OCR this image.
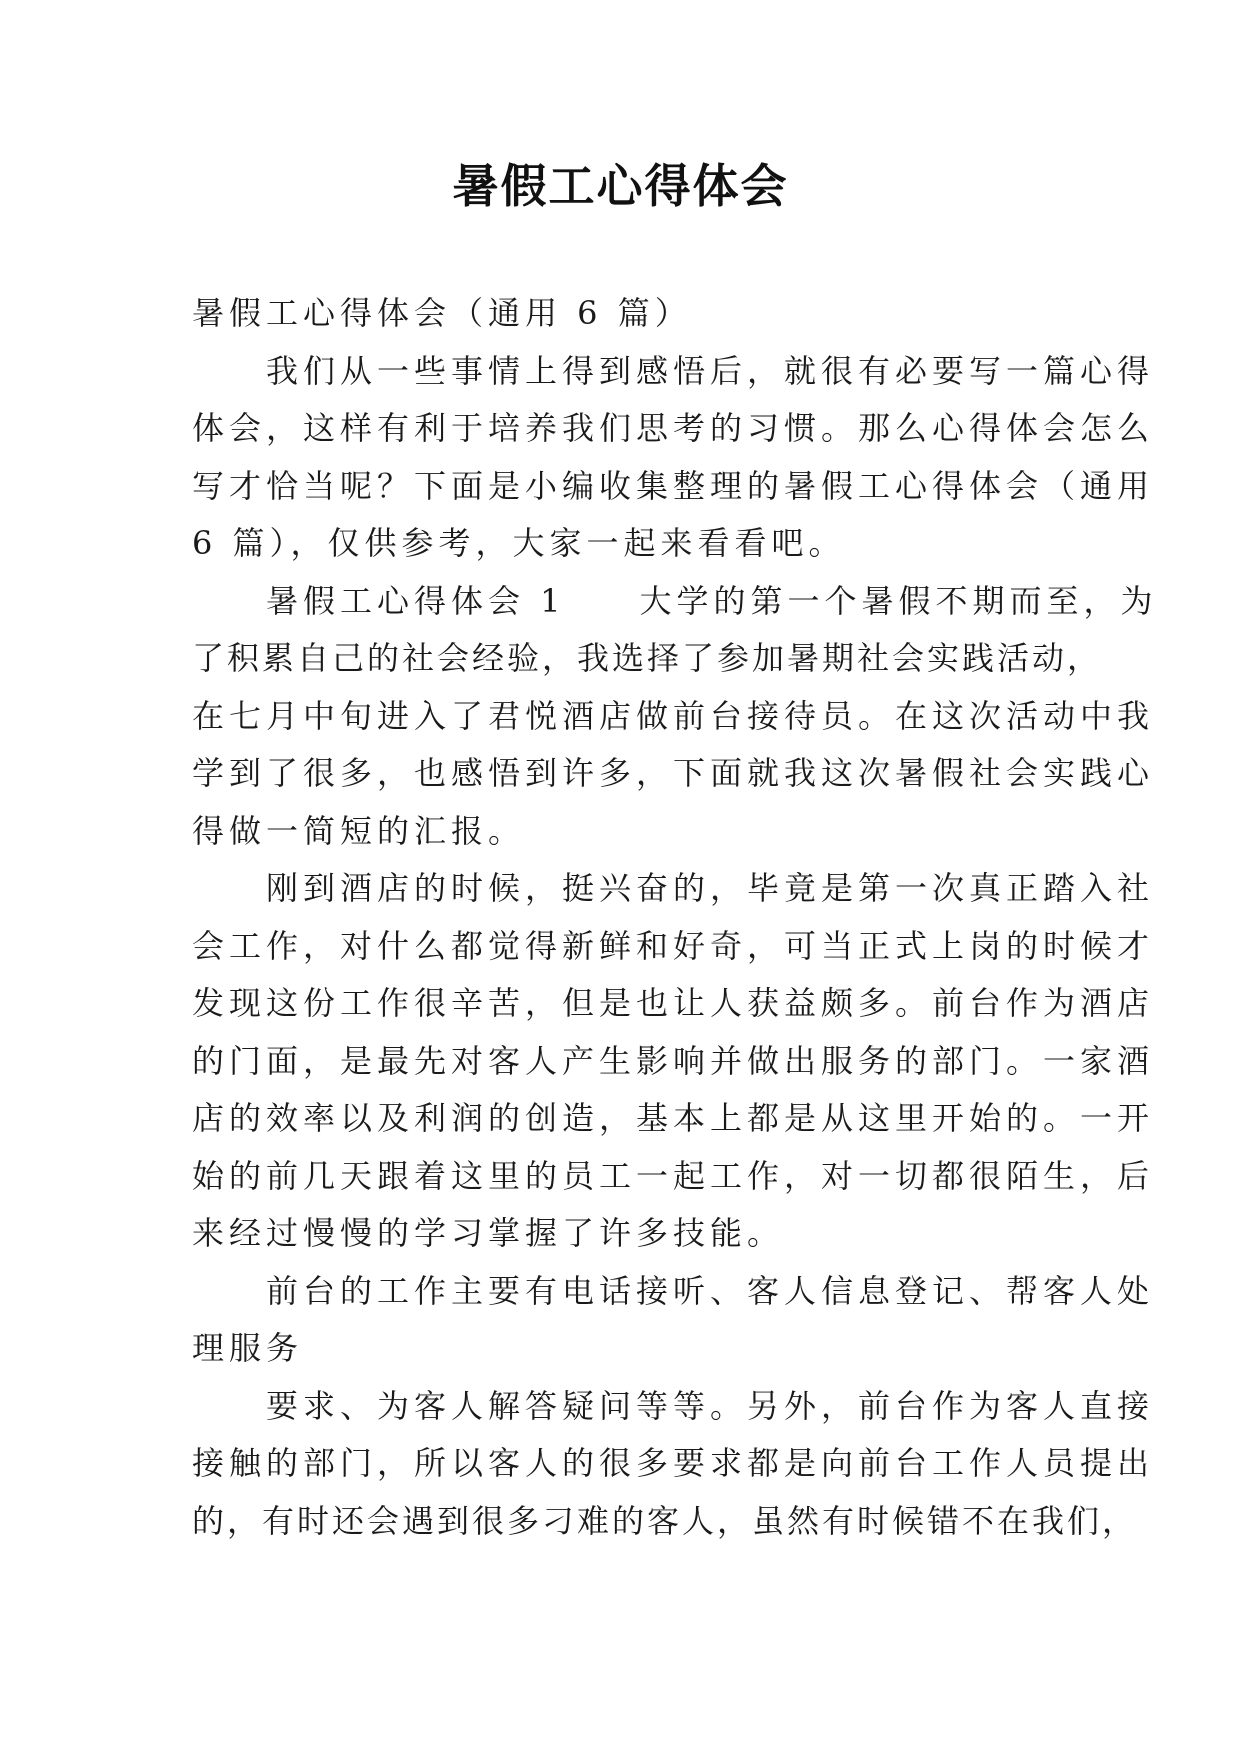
暑假工心得体会

暑假工心得体会（通用 6 篇）

　　我们从一些事情上得到感悟后，就很有必要写一篇心得

体会，这样有利于培养我们思考的习惯。那么心得体会怎么

写才恰当呢？下面是小编收集整理的暑假工心得体会（通用

6 篇），仅供参考，大家一起来看看吧。

　　暑假工心得体会 1　　大学的第一个暑假不期而至，为

了积累自己的社会经验，我选择了参加暑期社会实践活动，

在七月中旬进入了君悦酒店做前台接待员。在这次活动中我

学到了很多，也感悟到许多，下面就我这次暑假社会实践心

得做一简短的汇报。

　　刚到酒店的时候，挺兴奋的，毕竟是第一次真正踏入社

会工作，对什么都觉得新鲜和好奇，可当正式上岗的时候才

发现这份工作很辛苦，但是也让人获益颇多。前台作为酒店

的门面，是最先对客人产生影响并做出服务的部门。一家酒

店的效率以及利润的创造，基本上都是从这里开始的。一开

始的前几天跟着这里的员工一起工作，对一切都很陌生，后

来经过慢慢的学习掌握了许多技能。

　　前台的工作主要有电话接听、客人信息登记、帮客人处

理服务

　　要求、为客人解答疑问等等。另外，前台作为客人直接

接触的部门，所以客人的很多要求都是向前台工作人员提出

的，有时还会遇到很多刁难的客人，虽然有时候错不在我们，
